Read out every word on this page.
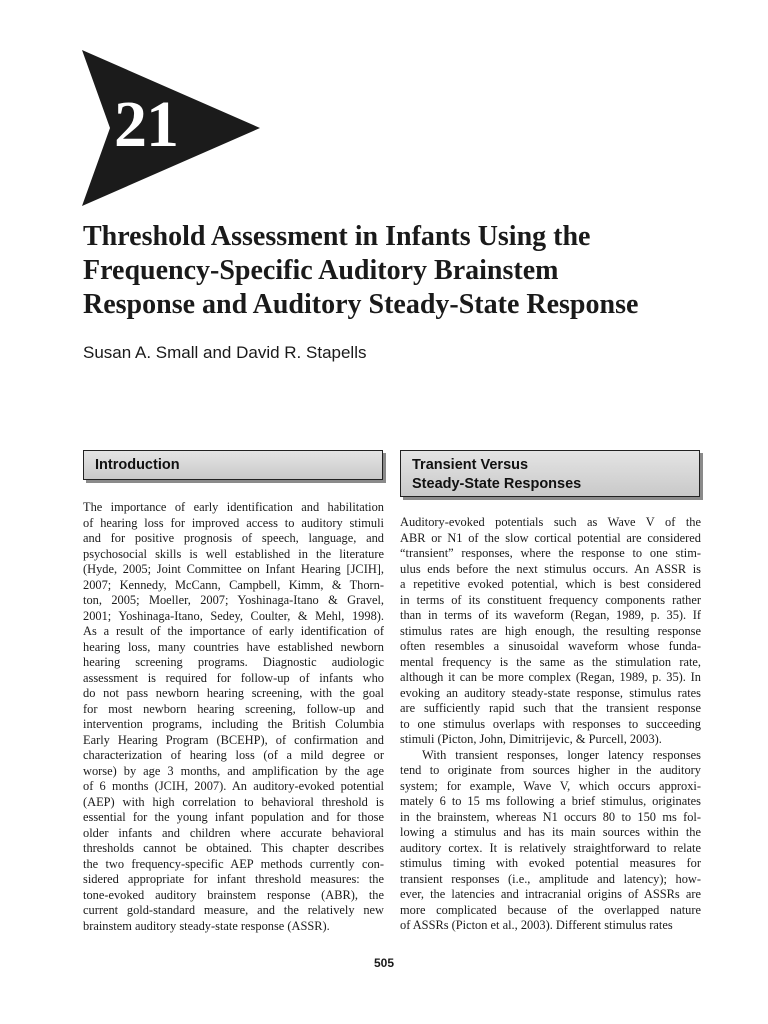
21
Threshold Assessment in Infants Using the
Frequency-Specific Auditory Brainstem
Response and Auditory Steady-State Response
Susan A. Small and David R. Stapells
Introduction	Transient Versus
Steady-State Responses
The importance of early identification and habilitation
of hearing loss for improved access to auditory stimuli
and for positive prognosis of speech, language, and
psychosocial skills is well established in the literature
(Hyde, 2005; Joint Committee on Infant Hearing [JCIH],
2007; Kennedy, McCann, Campbell, Kimm, & Thorn-
ton, 2005; Moeller, 2007; Yoshinaga-Itano & Gravel,
2001; Yoshinaga-Itano, Sedey, Coulter, & Mehl, 1998).
As a result of the importance of early identification of
hearing loss, many countries have established newborn
hearing screening programs. Diagnostic audiologic
assessment is required for follow-up of infants who
do not pass newborn hearing screening, with the goal
for most newborn hearing screening, follow-up and
intervention programs, including the British Columbia
Early Hearing Program (BCEHP), of confirmation and
characterization of hearing loss (of a mild degree or
worse) by age 3 months, and amplification by the age
of 6 months (JCIH, 2007). An auditory-evoked potential
(AEP) with high correlation to behavioral threshold is
essential for the young infant population and for those
older infants and children where accurate behavioral
thresholds cannot be obtained. This chapter describes
the two frequency-specific AEP methods currently con-
sidered appropriate for infant threshold measures: the
tone-evoked auditory brainstem response (ABR), the
current gold-standard measure, and the relatively new
brainstem auditory steady-state response (ASSR).
Auditory-evoked potentials such as Wave V of the
ABR or N1 of the slow cortical potential are considered
“transient” responses, where the response to one stim-
ulus ends before the next stimulus occurs. An ASSR is
a repetitive evoked potential, which is best considered
in terms of its constituent frequency components rather
than in terms of its waveform (Regan, 1989, p. 35). If
stimulus rates are high enough, the resulting response
often resembles a sinusoidal waveform whose funda-
mental frequency is the same as the stimulation rate,
although it can be more complex (Regan, 1989, p. 35). In
evoking an auditory steady-state response, stimulus rates
are sufficiently rapid such that the transient response
to one stimulus overlaps with responses to succeeding
stimuli (Picton, John, Dimitrijevic, & Purcell, 2003).
With transient responses, longer latency responses
tend to originate from sources higher in the auditory
system; for example, Wave V, which occurs approxi-
mately 6 to 15 ms following a brief stimulus, originates
in the brainstem, whereas N1 occurs 80 to 150 ms fol-
lowing a stimulus and has its main sources within the
auditory cortex. It is relatively straightforward to relate
stimulus timing with evoked potential measures for
transient responses (i.e., amplitude and latency); how-
ever, the latencies and intracranial origins of ASSRs are
more complicated because of the overlapped nature
of ASSRs (Picton et al., 2003). Different stimulus rates
505
